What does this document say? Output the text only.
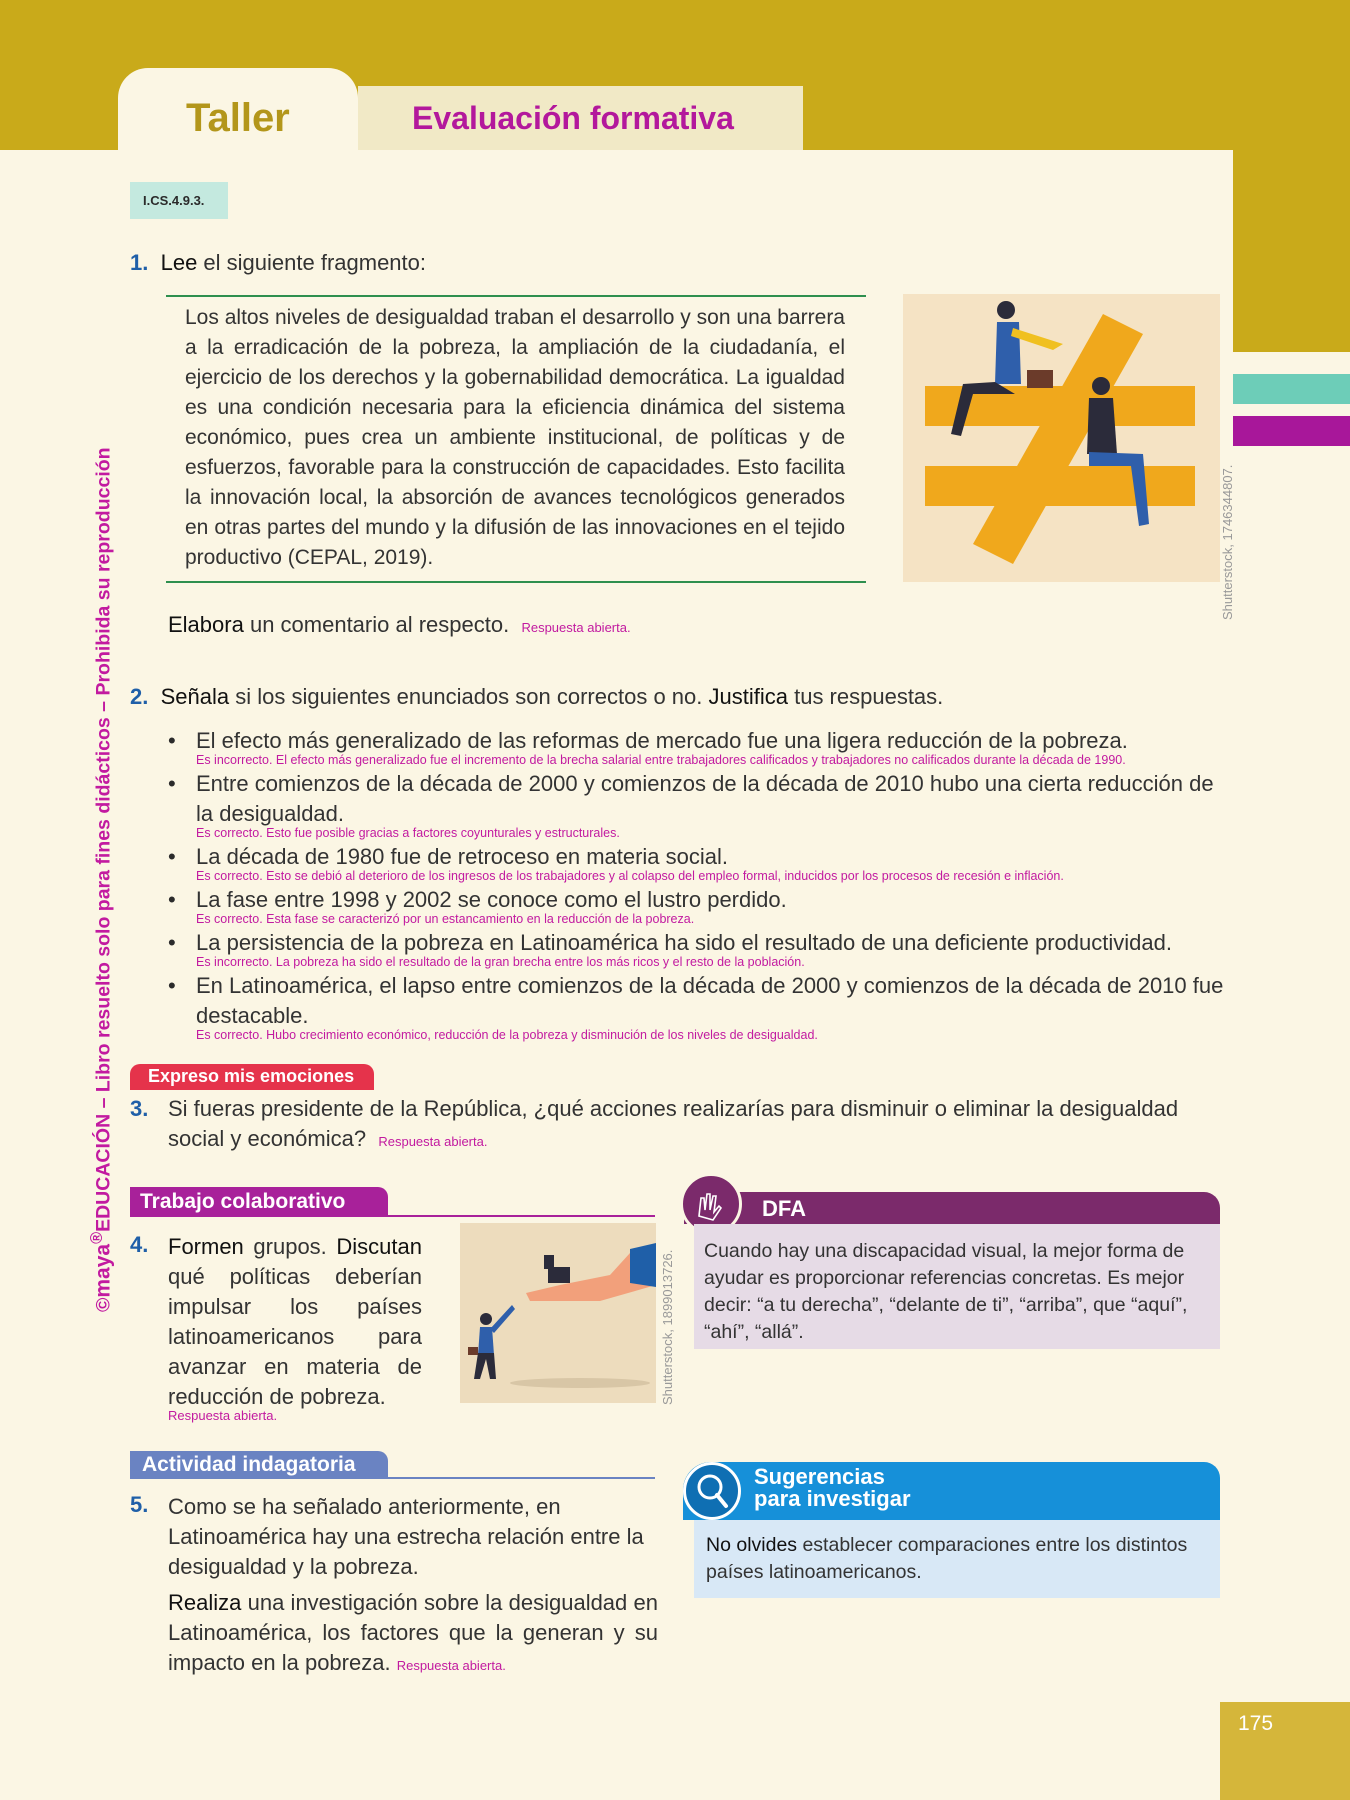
Taller	Evaluación formativa
I.CS.4.9.3.
1. Lee el siguiente fragmento:
Los altos niveles de desigualdad traban el desarrollo y son una barrera a la erradicación de la pobreza, la ampliación de la ciudadanía, el ejercicio de los derechos y la gobernabilidad democrática. La igualdad es una condición necesaria para la eficiencia dinámica del sistema económico, pues crea un ambiente institucional, de políticas y de esfuerzos, favorable para la construcción de capacidades. Esto facilita la innovación local, la absorción de avances tecnológicos generados en otras partes del mundo y la difusión de las innovaciones en el tejido productivo (CEPAL, 2019).	Shutterstock, 1746344807.
Elabora un comentario al respecto. Respuesta abierta.
2. Señala si los siguientes enunciados son correctos o no. Justifica tus respuestas.
• El efecto más generalizado de las reformas de mercado fue una ligera reducción de la pobreza.
Es incorrecto. El efecto más generalizado fue el incremento de la brecha salarial entre trabajadores calificados y trabajadores no calificados durante la década de 1990.
• Entre comienzos de la década de 2000 y comienzos de la década de 2010 hubo una cierta reducción de la desigualdad.
Es correcto. Esto fue posible gracias a factores coyunturales y estructurales.
• La década de 1980 fue de retroceso en materia social.
Es correcto. Esto se debió al deterioro de los ingresos de los trabajadores y al colapso del empleo formal, inducidos por los procesos de recesión e inflación.
• La fase entre 1998 y 2002 se conoce como el lustro perdido.
Es correcto. Esta fase se caracterizó por un estancamiento en la reducción de la pobreza.
• La persistencia de la pobreza en Latinoamérica ha sido el resultado de una deficiente productividad.
Es incorrecto. La pobreza ha sido el resultado de la gran brecha entre los más ricos y el resto de la población.
• En Latinoamérica, el lapso entre comienzos de la década de 2000 y comienzos de la década de 2010 fue destacable.
Es correcto. Hubo crecimiento económico, reducción de la pobreza y disminución de los niveles de desigualdad.
Expreso mis emociones
3. Si fueras presidente de la República, ¿qué acciones realizarías para disminuir o eliminar la desigualdad social y económica? Respuesta abierta.
Trabajo colaborativo
4. Formen grupos. Discutan qué políticas deberían impulsar los países latinoamericanos para avanzar en materia de reducción de pobreza.
Respuesta abierta.
Shutterstock, 1899013726.
DFA
Cuando hay una discapacidad visual, la mejor forma de ayudar es proporcionar referencias concretas. Es mejor decir: “a tu derecha”, “delante de ti”, “arriba”, que “aquí”, “ahí”, “allá”.
Actividad indagatoria
5. Como se ha señalado anteriormente, en Latinoamérica hay una estrecha relación entre la desigualdad y la pobreza.
Realiza una investigación sobre la desigualdad en Latinoamérica, los factores que la generan y su impacto en la pobreza. Respuesta abierta.
Sugerencias
para investigar
No olvides establecer comparaciones entre los distintos países latinoamericanos.
©maya®EDUCACIÓN – Libro resuelto solo para fines didácticos – Prohibida su reproducción
175
